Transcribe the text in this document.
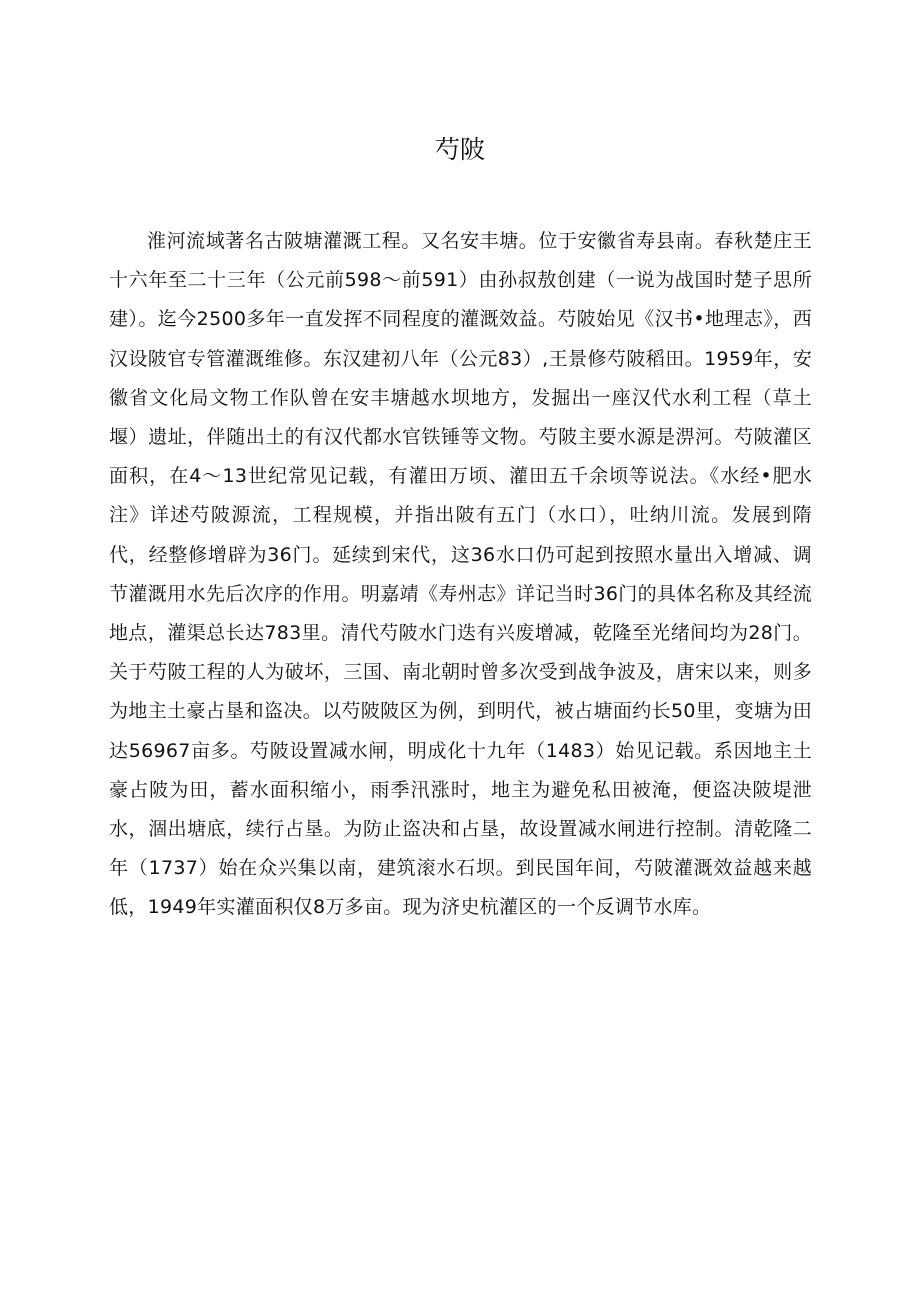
芍陂

淮河流域著名古陂塘灌溉工程。又名安丰塘。位于安徽省寿县南。春秋楚庄王十六年至二十三年（公元前598～前591）由孙叔敖创建（一说为战国时楚子思所建）。迄今2500多年一直发挥不同程度的灌溉效益。芍陂始见《汉书•地理志》，西汉设陂官专管灌溉维修。东汉建初八年（公元83）,王景修芍陂稻田。1959年，安徽省文化局文物工作队曾在安丰塘越水坝地方，发掘出一座汉代水利工程（草土堰）遗址，伴随出土的有汉代都水官铁锤等文物。芍陂主要水源是淠河。芍陂灌区面积，在4～13世纪常见记载，有灌田万顷、灌田五千余顷等说法。《水经•肥水注》详述芍陂源流，工程规模，并指出陂有五门（水口），吐纳川流。发展到隋代，经整修增辟为36门。延续到宋代，这36水口仍可起到按照水量出入增减、调节灌溉用水先后次序的作用。明嘉靖《寿州志》详记当时36门的具体名称及其经流地点，灌渠总长达783里。清代芍陂水门迭有兴废增减，乾隆至光绪间均为28门。关于芍陂工程的人为破坏，三国、南北朝时曾多次受到战争波及，唐宋以来，则多为地主土豪占垦和盗决。以芍陂陂区为例，到明代，被占塘面约长50里，变塘为田达56967亩多。芍陂设置减水闸，明成化十九年（1483）始见记载。系因地主土豪占陂为田，蓄水面积缩小，雨季汛涨时，地主为避免私田被淹，便盗决陂堤泄水，涸出塘底，续行占垦。为防止盗决和占垦，故设置减水闸进行控制。清乾隆二年（1737）始在众兴集以南，建筑滚水石坝。到民国年间，芍陂灌溉效益越来越低，1949年实灌面积仅8万多亩。现为济史杭灌区的一个反调节水库。
